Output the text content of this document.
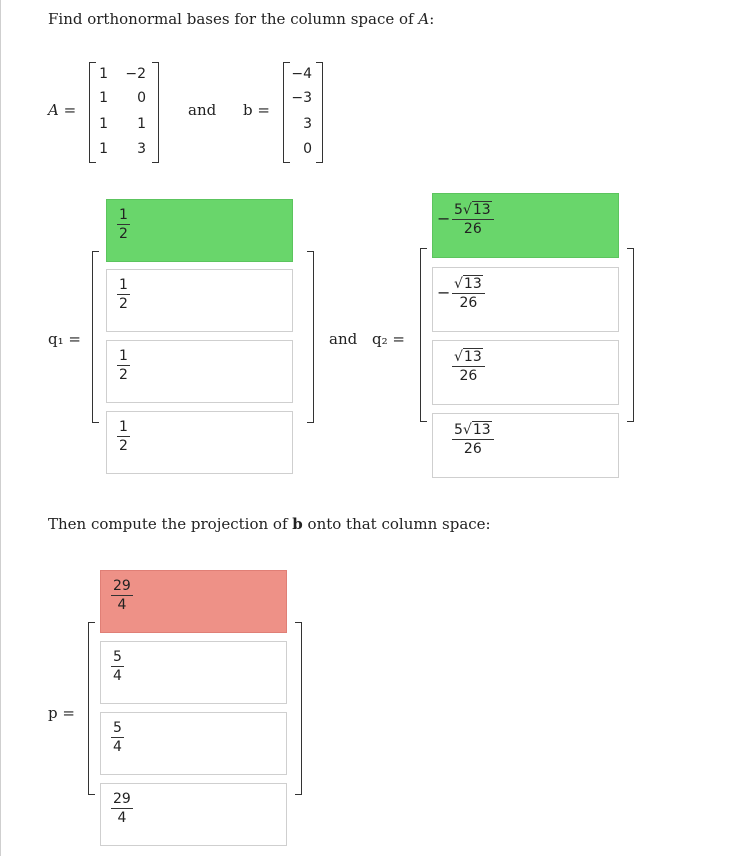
Find orthonormal bases for the column space of A:
A =
1	−2
1	0
1	1
1	3
and b =
−4
−3
3
0
q₁ =
$\frac{1}{2}$
$\frac{1}{2}$
$\frac{1}{2}$
$\frac{1}{2}$
and q₂ =
− $\frac{5√13}{26}$
− $\frac{√13}{26}$
$\frac{√13}{26}$
$\frac{5√13}{26}$
Then compute the projection of b onto that column space:
p =
$\frac{29}{4}$
$\frac{5}{4}$
$\frac{5}{4}$
$\frac{29}{4}$
